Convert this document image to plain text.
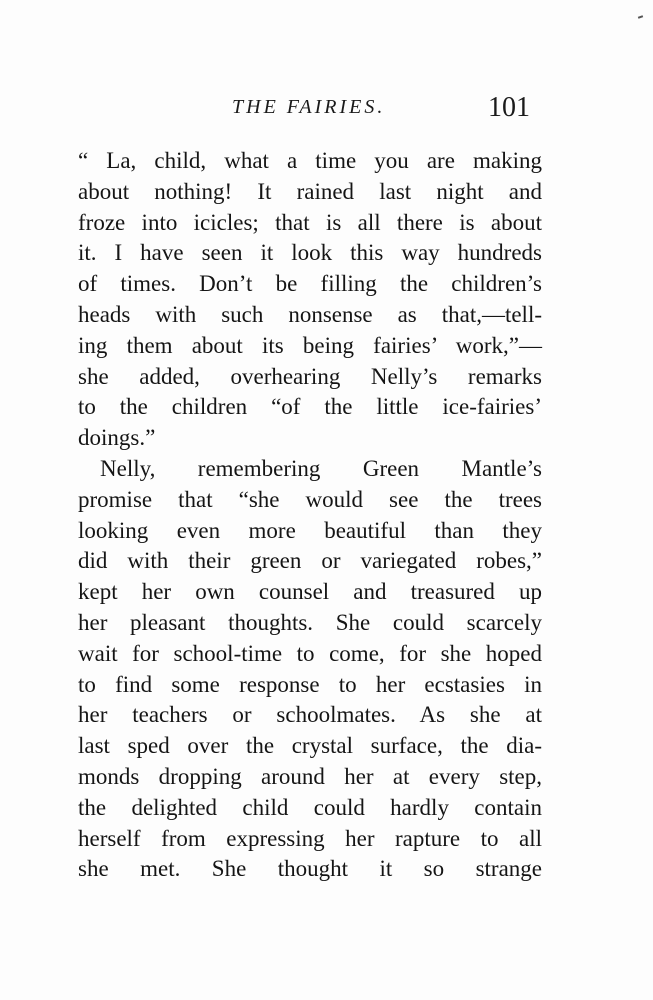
THE FAIRIES.	101
“ La, child, what a time you are making
about nothing! It rained last night and
froze into icicles; that is all there is about
it. I have seen it look this way hundreds
of times. Don’t be filling the children’s
heads with such nonsense as that,—tell-
ing them about its being fairies’ work,”—
she added, overhearing Nelly’s remarks
to the children “of the little ice-fairies’
doings.”
Nelly, remembering Green Mantle’s
promise that “she would see the trees
looking even more beautiful than they
did with their green or variegated robes,”
kept her own counsel and treasured up
her pleasant thoughts. She could scarcely
wait for school-time to come, for she hoped
to find some response to her ecstasies in
her teachers or schoolmates. As she at
last sped over the crystal surface, the dia-
monds dropping around her at every step,
the delighted child could hardly contain
herself from expressing her rapture to all
she met. She thought it so strange
